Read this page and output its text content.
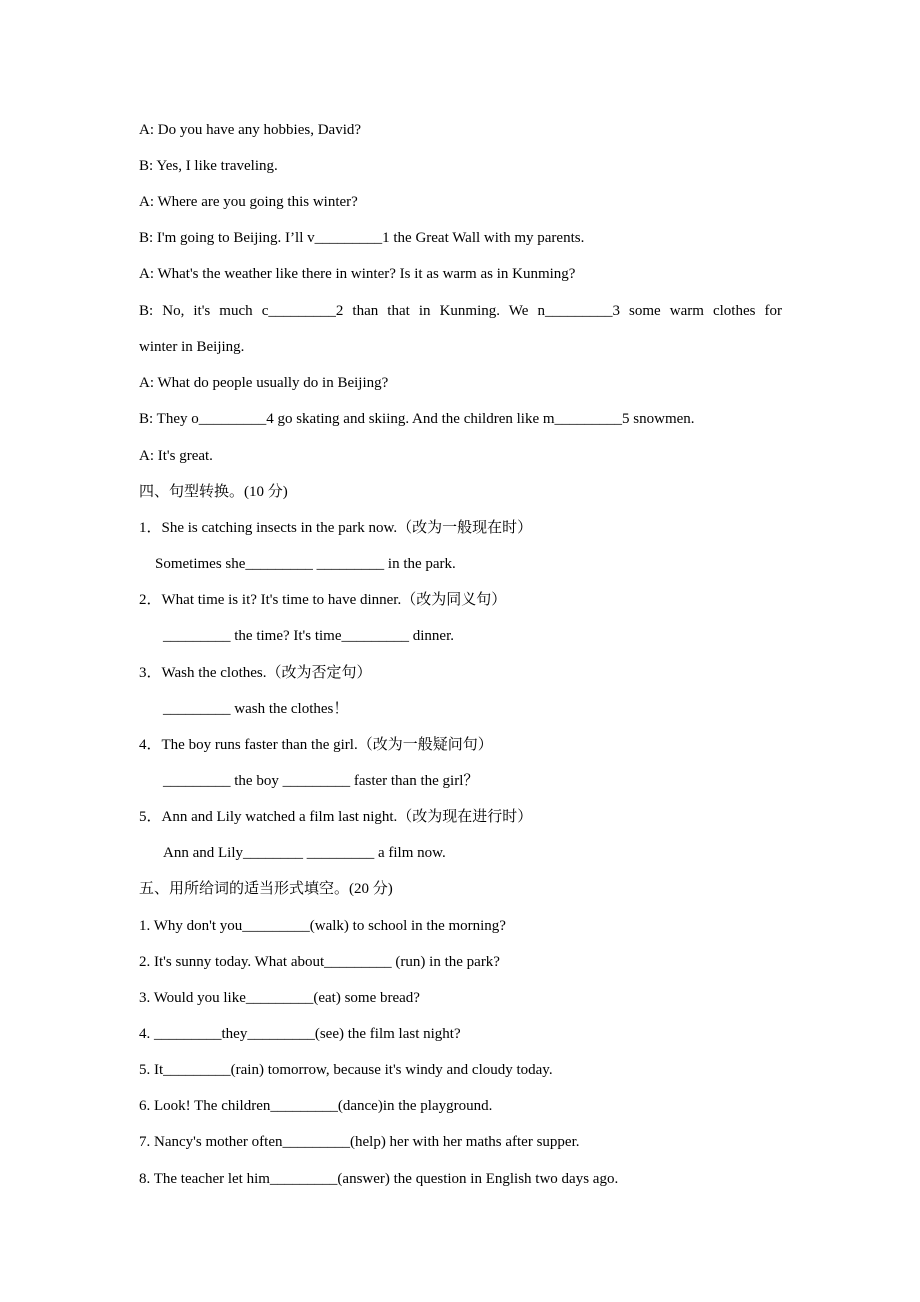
A: Do you have any hobbies, David?
B: Yes, I like traveling.
A: Where are you going this winter?
B: I'm going to Beijing. I’ll v_________1 the Great Wall with my parents.
A: What's the weather like there in winter? Is it as warm as in Kunming?
B: No, it's much c_________2 than that in Kunming. We n_________3 some warm clothes for
winter in Beijing.
A: What do people usually do in Beijing?
B: They o_________4 go skating and skiing. And the children like m_________5 snowmen.
A: It's great.
四、句型转换。(10 分)
1．She is catching insects in the park now.（改为一般现在时）
Sometimes she_________ _________ in the park.
2．What time is it? It's time to have dinner.（改为同义句）
_________ the time? It's time_________ dinner.
3．Wash the clothes.（改为否定句）
_________ wash the clothes！
4．The boy runs faster than the girl.（改为一般疑问句）
_________ the boy _________ faster than the girl？
5．Ann and Lily watched a film last night.（改为现在进行时）
Ann and Lily________ _________ a film now.
五、用所给词的适当形式填空。(20 分)
1. Why don't you_________(walk) to school in the morning?
2. It's sunny today. What about_________ (run) in the park?
3. Would you like_________(eat) some bread?
4. _________they_________(see) the film last night?
5. It_________(rain) tomorrow, because it's windy and cloudy today.
6. Look! The children_________(dance)in the playground.
7. Nancy's mother often_________(help) her with her maths after supper.
8. The teacher let him_________(answer) the question in English two days ago.
